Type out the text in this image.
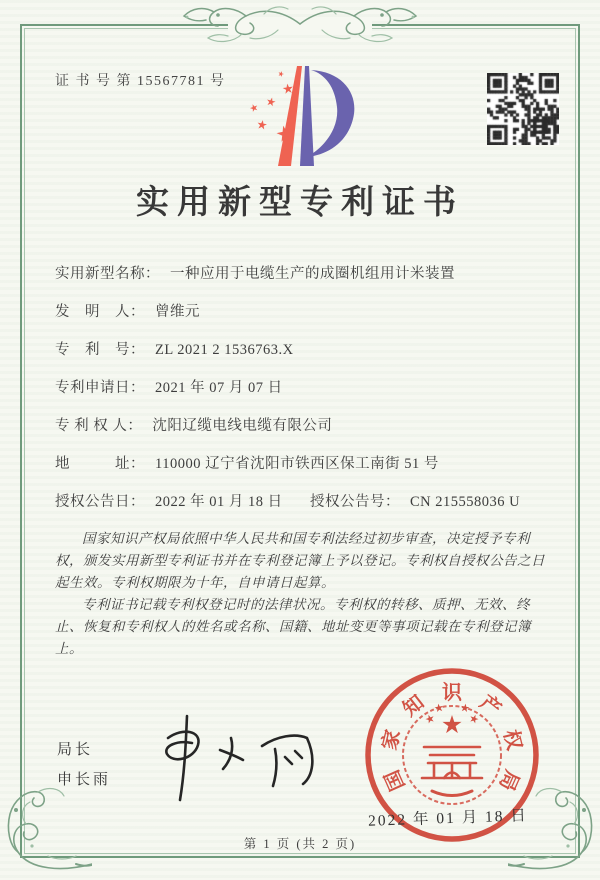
证 书 号 第 15567781 号
实用新型专利证书
实用新型名称： 一种应用于电缆生产的成圈机组用计米装置
发　明　人： 曾维元
专　利　号： ZL 2021 2 1536763.X
专利申请日： 2021 年 07 月 07 日
专 利 权 人： 沈阳辽缆电线电缆有限公司
地　　　址： 110000 辽宁省沈阳市铁西区保工南街 51 号
授权公告日： 2022 年 01 月 18 日 授权公告号： CN 215558036 U

国家知识产权局依照中华人民共和国专利法经过初步审查，决定授予专利权，颁发实用新型专利证书并在专利登记簿上予以登记。专利权自授权公告之日起生效。专利权期限为十年，自申请日起算。

专利证书记载专利权登记时的法律状况。专利权的转移、质押、无效、终止、恢复和专利权人的姓名或名称、国籍、地址变更等事项记载在专利登记簿上。

局长
申长雨	国
家
知 识 产
权
局
2022 年 01 月 18 日
第 1 页 (共 2 页)
